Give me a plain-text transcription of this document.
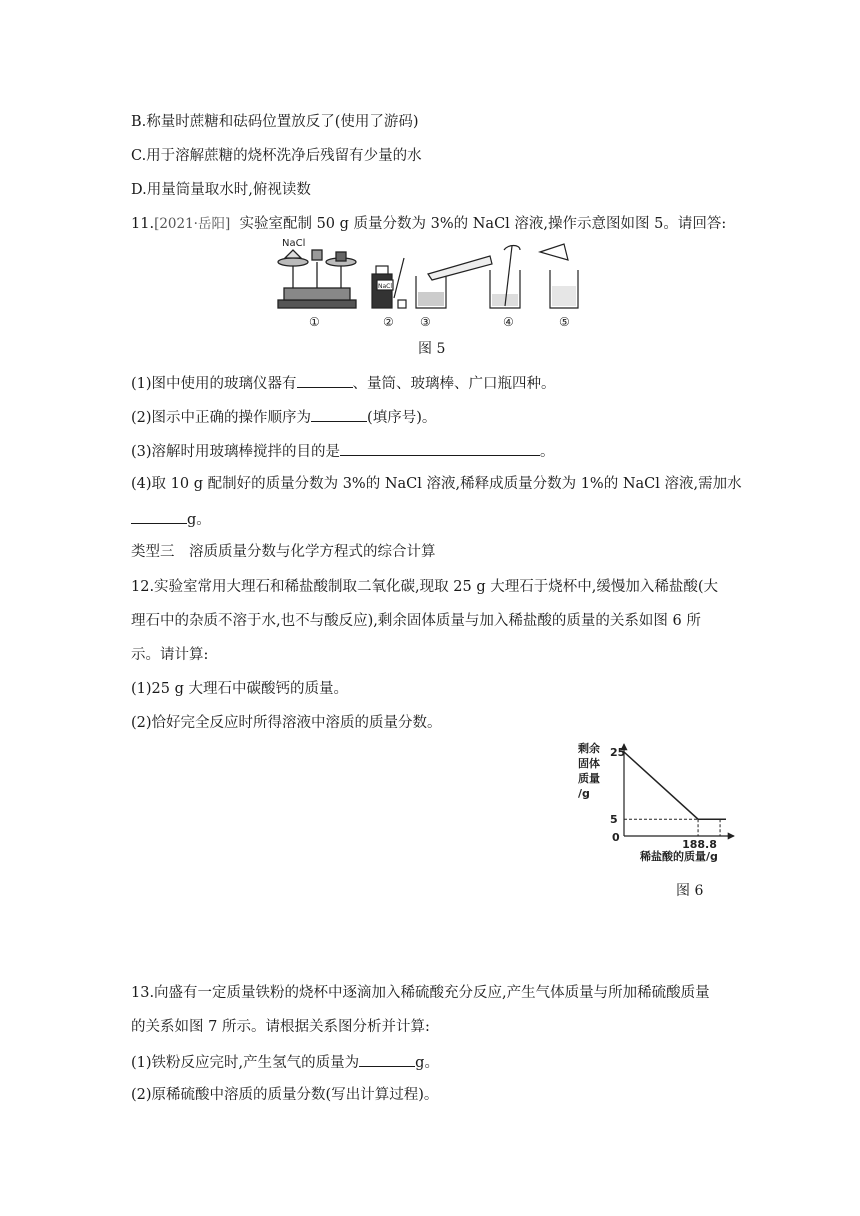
B.称量时蔗糖和砝码位置放反了(使用了游码)
C.用于溶解蔗糖的烧杯洗净后残留有少量的水
D.用量筒量取水时,俯视读数
11.[2021·岳阳] 实验室配制 50 g 质量分数为 3%的 NaCl 溶液,操作示意图如图 5。请回答:
NaCl
NaCl
①	② ③	④	⑤
图 5
(1)图中使用的玻璃仪器有	、量筒、玻璃棒、广口瓶四种。
(2)图示中正确的操作顺序为	(填序号)。
(3)溶解时用玻璃棒搅拌的目的是	。
(4)取 10 g 配制好的质量分数为 3%的 NaCl 溶液,稀释成质量分数为 1%的 NaCl 溶液,需加水
g。
类型三　溶质质量分数与化学方程式的综合计算
12.实验室常用大理石和稀盐酸制取二氧化碳,现取 25 g 大理石于烧杯中,缓慢加入稀盐酸(大
理石中的杂质不溶于水,也不与酸反应),剩余固体质量与加入稀盐酸的质量的关系如图 6 所
示。请计算:
(1)25 g 大理石中碳酸钙的质量。
(2)恰好完全反应时所得溶液中溶质的质量分数。
剩余
固体
质量
/g
0
稀盐酸的质量/g
25
5
188.8
图 6
13.向盛有一定质量铁粉的烧杯中逐滴加入稀硫酸充分反应,产生气体质量与所加稀硫酸质量
的关系如图 7 所示。请根据关系图分析并计算:
(1)铁粉反应完时,产生氢气的质量为	g。
(2)原稀硫酸中溶质的质量分数(写出计算过程)。
